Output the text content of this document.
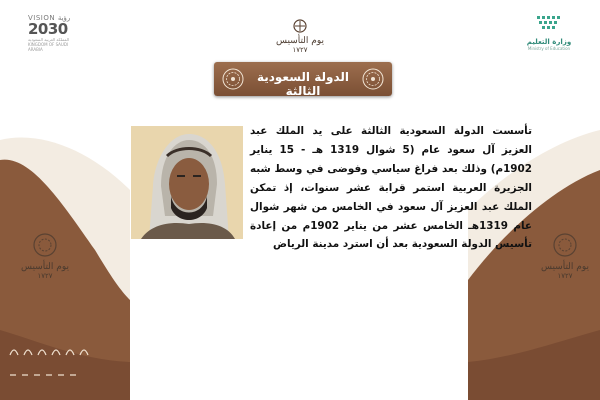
VISION رؤية
2030
المملكة العربية السعودية KINGDOM OF SAUDI ARABIA
يوم التأسيس
١٧٢٧
وزارة التعليم
Ministry of Education
الدولة السعودية الثالثة
يوم التأسيس
١٧٢٧
يوم التأسيس
١٧٢٧
تأسست الدولة السعودية الثالثة على يد الملك عبد العزيز آل سعود عام (5 شوال 1319 هـ - 15 يناير 1902م) وذلك بعد فراغ سياسي وفوضى في وسط شبه الجزيرة العربية استمر قرابة عشر سنوات، إذ تمكن الملك عبد العزيز آل سعود في الخامس من شهر شوال عام 1319هـ الخامس عشر من يناير 1902م من إعادة تأسيس الدولة السعودية بعد أن استرد مدينة الرياض
